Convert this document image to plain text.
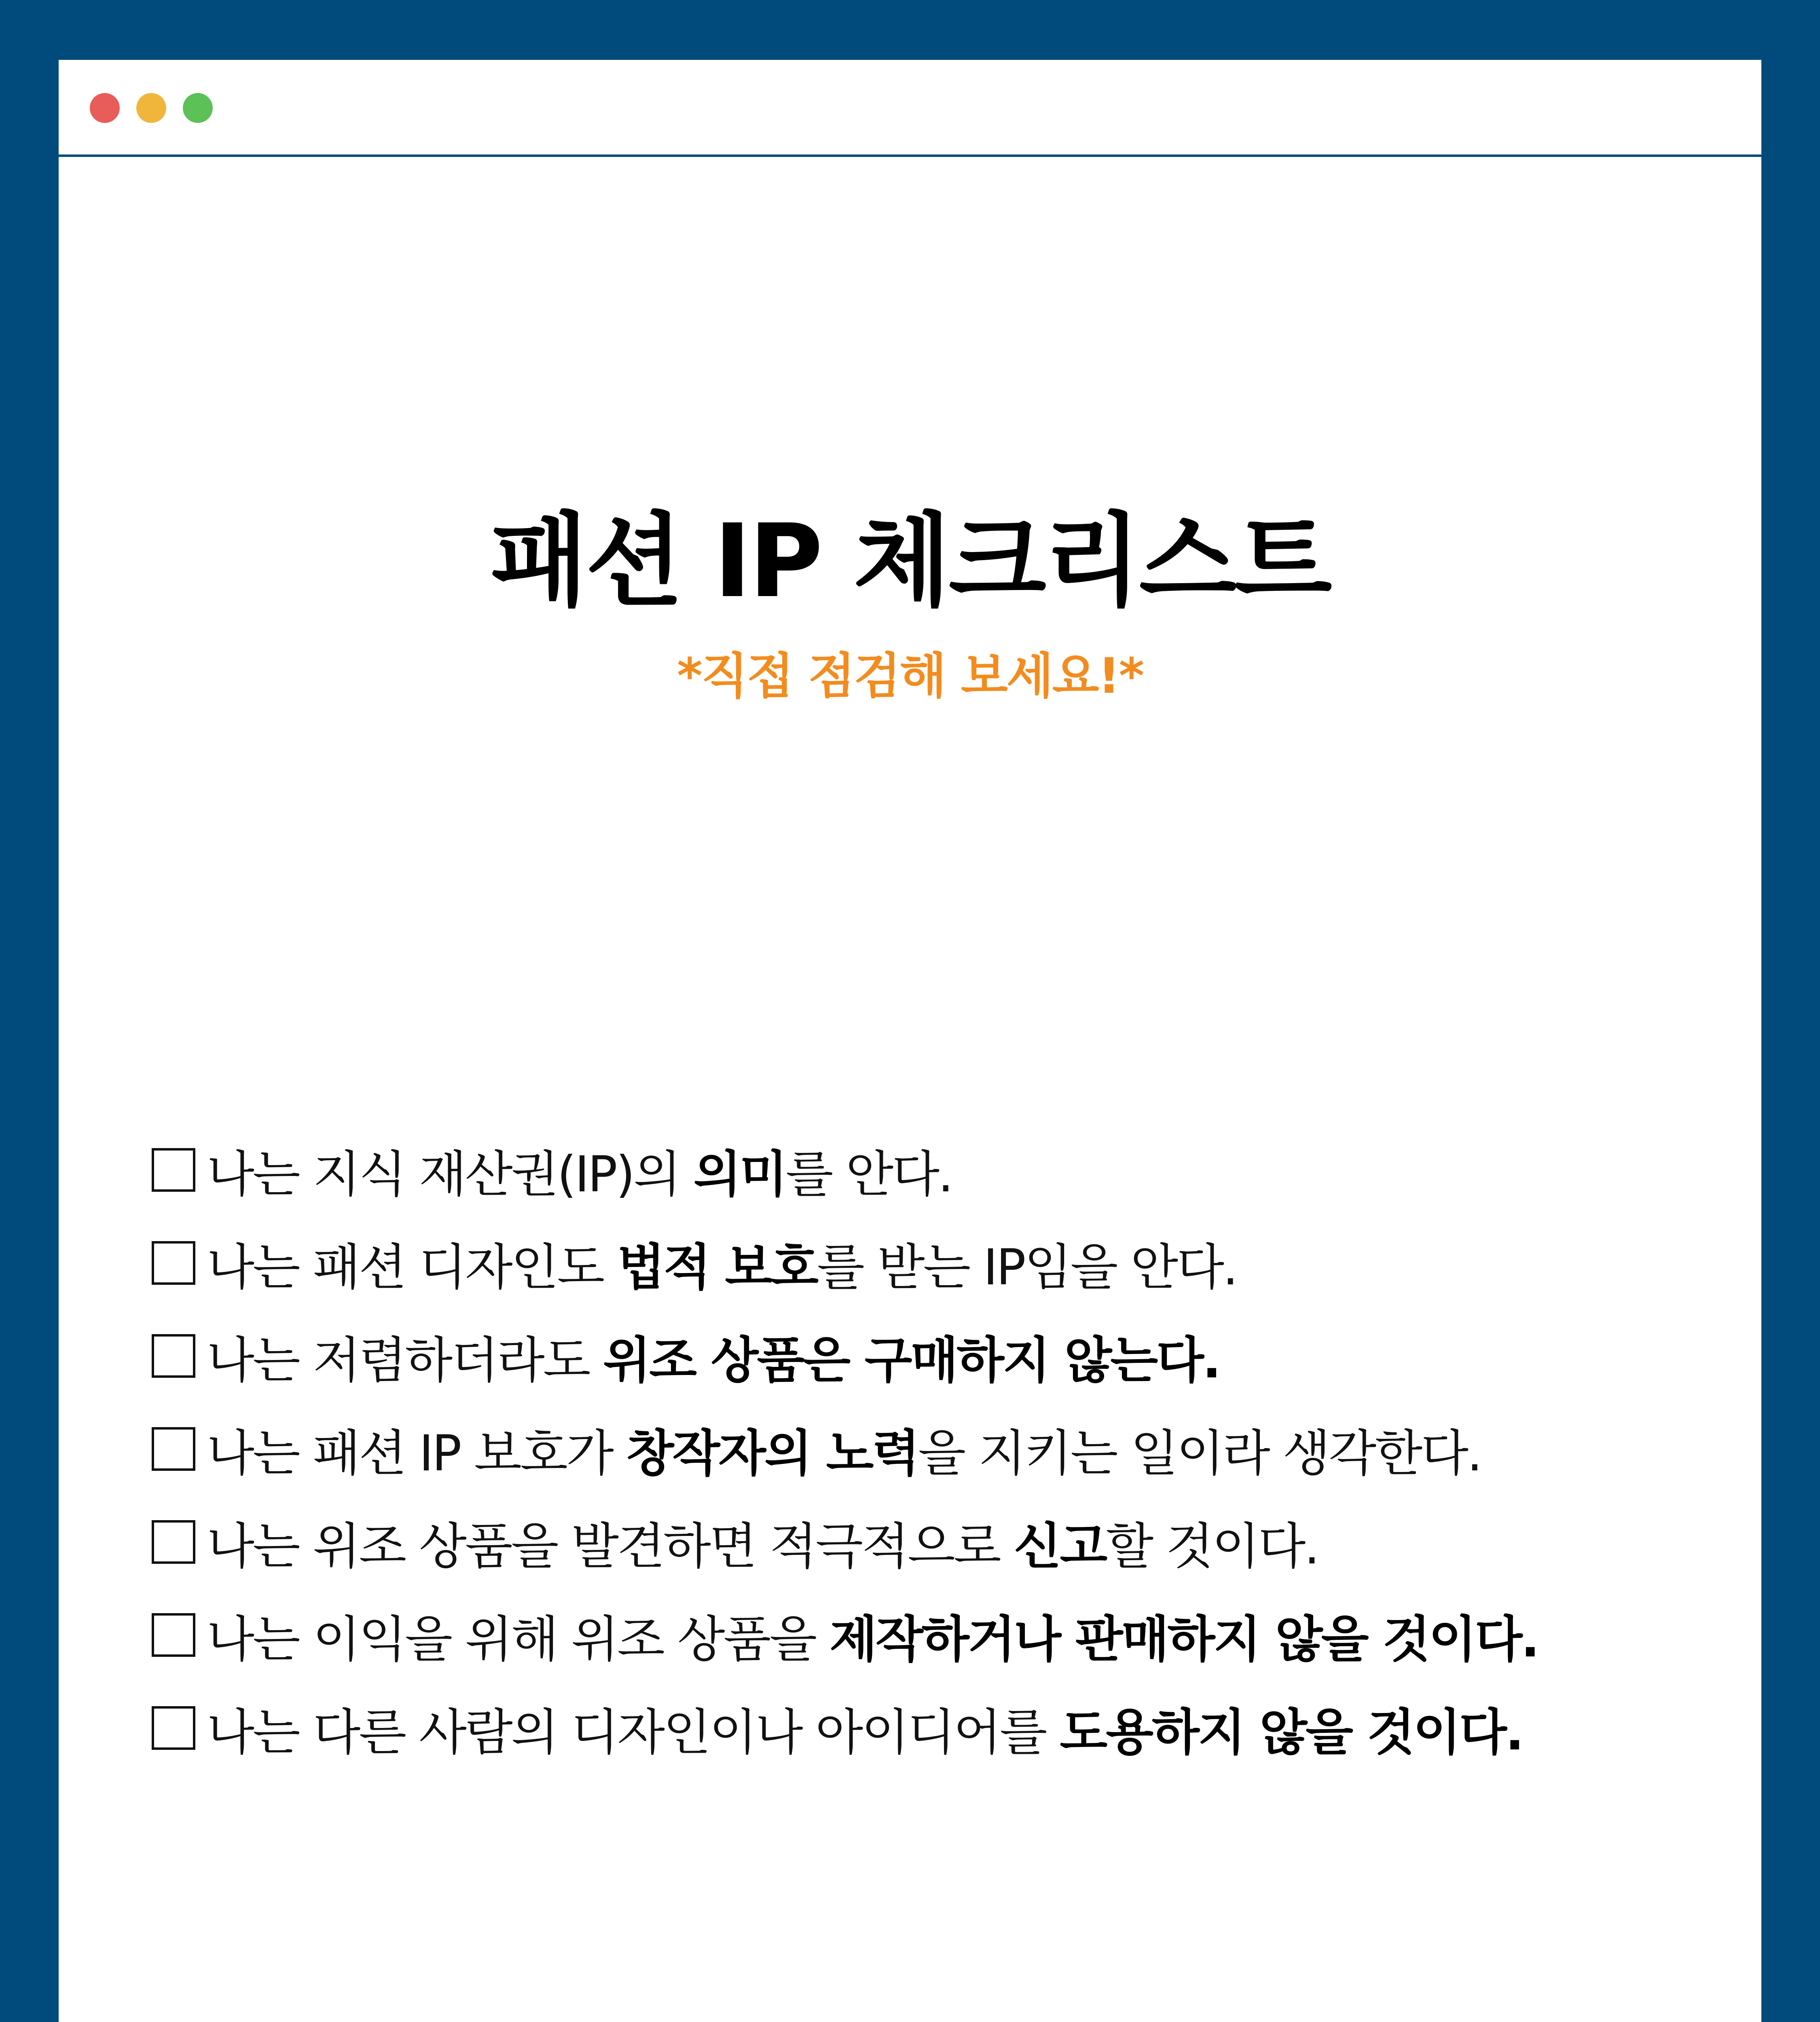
패션 IP 체크리스트
*직접 점검해 보세요!*
나는 지식 재산권(IP)의 의미를 안다.
나는 패션 디자인도 법적 보호를 받는 IP임을 안다.
나는 저렴하더라도 위조 상품은 구매하지 않는다.
나는 패션 IP 보호가 창작자의 노력을 지키는 일이라 생각한다.
나는 위조 상품을 발견하면 적극적으로 신고할 것이다.
나는 이익을 위해 위조 상품을 제작하거나 판매하지 않을 것이다.
나는 다른 사람의 디자인이나 아이디어를 도용하지 않을 것이다.
